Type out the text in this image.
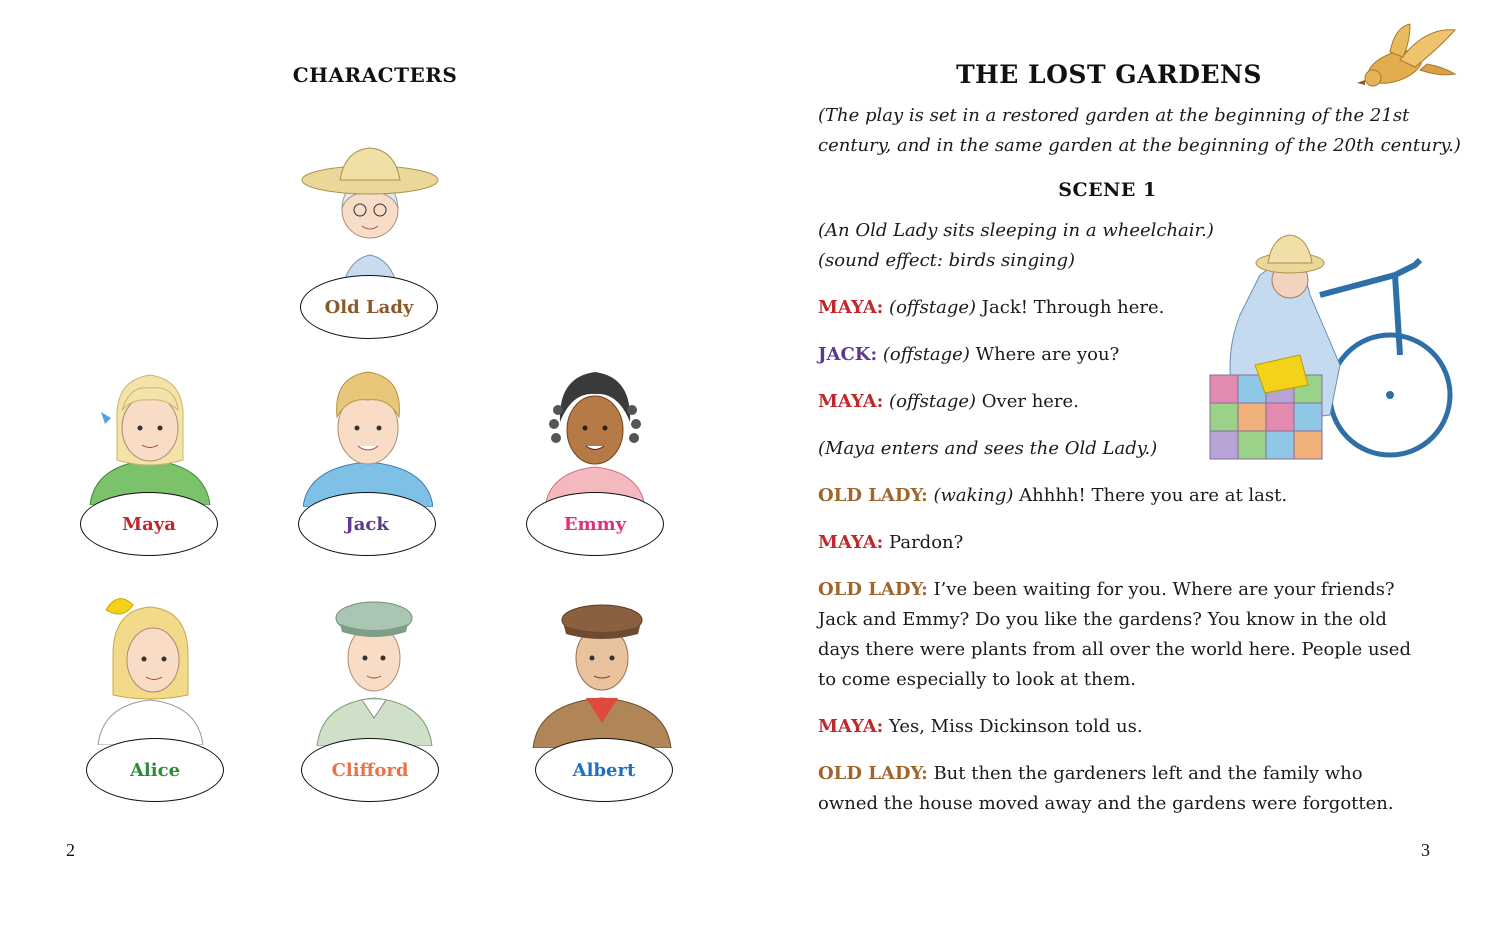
CHARACTERS
Old Lady
Maya	Jack	Emmy
Alice	Clifford	Albert
2
THE LOST GARDENS
(The play is set in a restored garden at the beginning of the 21st
century, and in the same garden at the beginning of the 20th century.)
SCENE 1
(An Old Lady sits sleeping in a wheelchair.)
(sound effect: birds singing)
MAYA: (offstage) Jack! Through here.
JACK: (offstage) Where are you?
MAYA: (offstage) Over here.
(Maya enters and sees the Old Lady.)
OLD LADY: (waking) Ahhhh! There you are at last.
MAYA: Pardon?
OLD LADY: I’ve been waiting for you. Where are your friends?
Jack and Emmy? Do you like the gardens? You know in the old
days there were plants from all over the world here. People used
to come especially to look at them.
MAYA: Yes, Miss Dickinson told us.
OLD LADY: But then the gardeners left and the family who
owned the house moved away and the gardens were forgotten.
3
